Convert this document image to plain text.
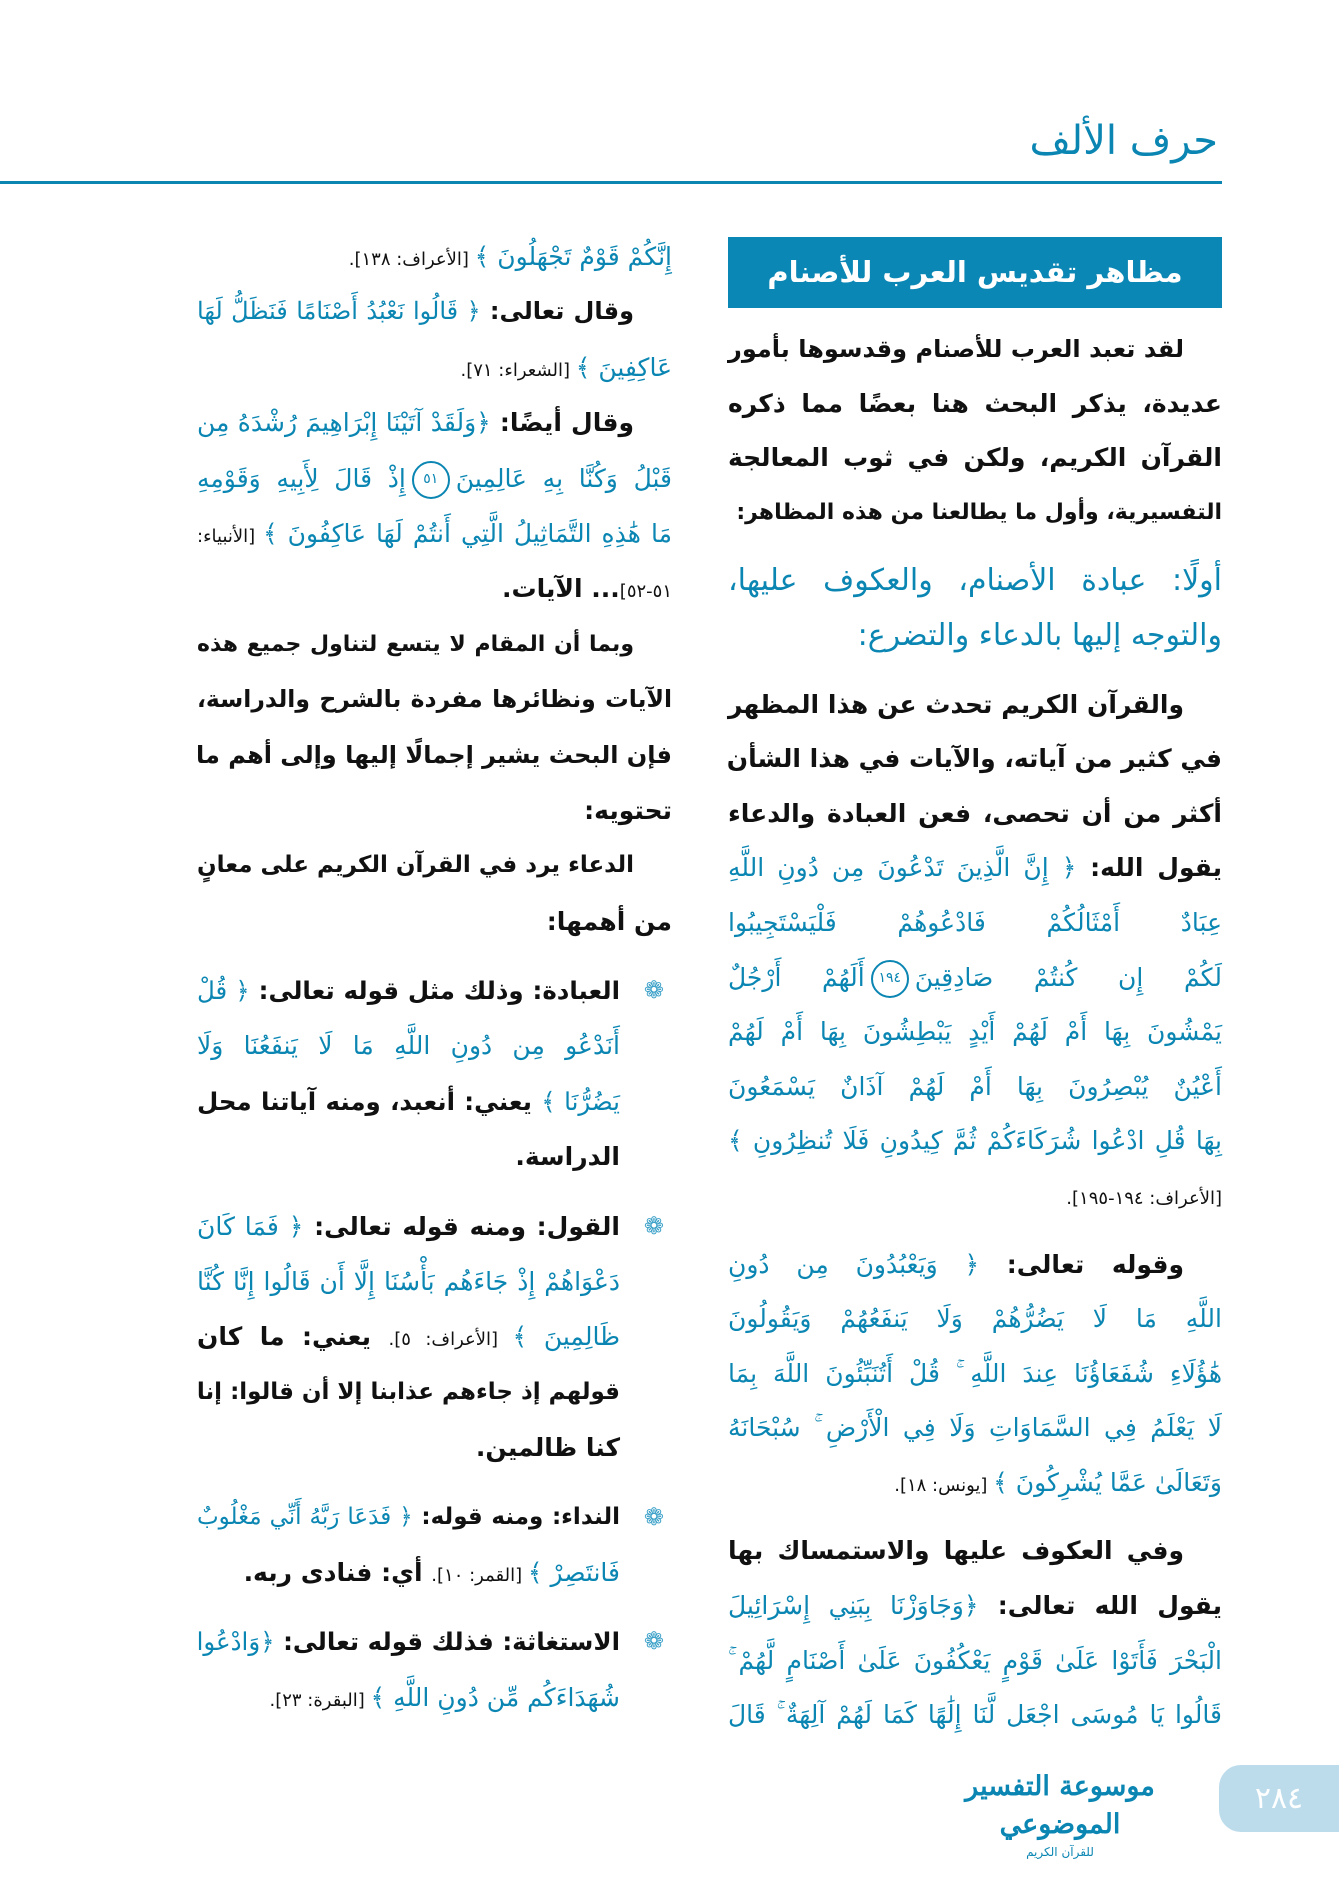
حرف الألف
مظاهر تقديس العرب للأصنام
لقد تعبد العرب للأصنام وقدسوها بأمور
عديدة، يذكر البحث هنا بعضًا مما ذكره
القرآن الكريم، ولكن في ثوب المعالجة
التفسيرية، وأول ما يطالعنا من هذه المظاهر:
أولًا: عبادة الأصنام، والعكوف عليها،
والتوجه إليها بالدعاء والتضرع:
والقرآن الكريم تحدث عن هذا المظهر
في كثير من آياته، والآيات في هذا الشأن
أكثر من أن تحصى، فعن العبادة والدعاء
يقول الله: ﴿ إِنَّ الَّذِينَ تَدْعُونَ مِن دُونِ اللَّهِ
عِبَادٌ أَمْثَالُكُمْ فَادْعُوهُمْ فَلْيَسْتَجِيبُوا
لَكُمْ إِن كُنتُمْ صَادِقِينَ١٩٤أَلَهُمْ أَرْجُلٌ
يَمْشُونَ بِهَا أَمْ لَهُمْ أَيْدٍ يَبْطِشُونَ بِهَا أَمْ لَهُمْ
أَعْيُنٌ يُبْصِرُونَ بِهَا أَمْ لَهُمْ آذَانٌ يَسْمَعُونَ
بِهَا قُلِ ادْعُوا شُرَكَاءَكُمْ ثُمَّ كِيدُونِ فَلَا تُنظِرُونِ ﴾
[الأعراف: ١٩٤-١٩٥].
وقوله تعالى: ﴿ وَيَعْبُدُونَ مِن دُونِ
اللَّهِ مَا لَا يَضُرُّهُمْ وَلَا يَنفَعُهُمْ وَيَقُولُونَ
هَٰؤُلَاءِ شُفَعَاؤُنَا عِندَ اللَّهِ ۚ قُلْ أَتُنَبِّئُونَ اللَّهَ بِمَا
لَا يَعْلَمُ فِي السَّمَاوَاتِ وَلَا فِي الْأَرْضِ ۚ سُبْحَانَهُ
وَتَعَالَىٰ عَمَّا يُشْرِكُونَ ﴾ [يونس: ١٨].
وفي العكوف عليها والاستمساك بها
يقول الله تعالى: ﴿وَجَاوَزْنَا بِبَنِي إِسْرَائِيلَ
الْبَحْرَ فَأَتَوْا عَلَىٰ قَوْمٍ يَعْكُفُونَ عَلَىٰ أَصْنَامٍ لَّهُمْ ۚ
قَالُوا يَا مُوسَى اجْعَل لَّنَا إِلَٰهًا كَمَا لَهُمْ آلِهَةٌ ۚ قَالَ
إِنَّكُمْ قَوْمٌ تَجْهَلُونَ ﴾ [الأعراف: ١٣٨].
وقال تعالى: ﴿ قَالُوا نَعْبُدُ أَصْنَامًا فَنَظَلُّ لَهَا
عَاكِفِينَ ﴾ [الشعراء: ٧١].
وقال أيضًا: ﴿وَلَقَدْ آتَيْنَا إِبْرَاهِيمَ رُشْدَهُ مِن
قَبْلُ وَكُنَّا بِهِ عَالِمِينَ٥١إِذْ قَالَ لِأَبِيهِ وَقَوْمِهِ
مَا هَٰذِهِ التَّمَاثِيلُ الَّتِي أَنتُمْ لَهَا عَاكِفُونَ ﴾ [الأنبياء:
٥١-٥٢]... الآيات.
وبما أن المقام لا يتسع لتناول جميع هذه
الآيات ونظائرها مفردة بالشرح والدراسة،
فإن البحث يشير إجمالًا إليها وإلى أهم ما
تحتويه:
الدعاء يرد في القرآن الكريم على معانٍ
من أهمها:
❁
العبادة: وذلك مثل قوله تعالى: ﴿ قُلْ
أَنَدْعُو مِن دُونِ اللَّهِ مَا لَا يَنفَعُنَا وَلَا
يَضُرُّنَا ﴾ يعني: أنعبد، ومنه آياتنا محل
الدراسة.
❁
القول: ومنه قوله تعالى: ﴿ فَمَا كَانَ
دَعْوَاهُمْ إِذْ جَاءَهُم بَأْسُنَا إِلَّا أَن قَالُوا إِنَّا كُنَّا
ظَالِمِينَ ﴾ [الأعراف: ٥]. يعني: ما كان
قولهم إذ جاءهم عذابنا إلا أن قالوا: إنا
كنا ظالمين.
❁
النداء: ومنه قوله: ﴿ فَدَعَا رَبَّهُ أَنِّي مَغْلُوبٌ
فَانتَصِرْ ﴾ [القمر: ١٠]. أي: فنادى ربه.
❁
الاستغاثة: فذلك قوله تعالى: ﴿وَادْعُوا
شُهَدَاءَكُم مِّن دُونِ اللَّهِ ﴾ [البقرة: ٢٣].
موسوعة التفسير الموضوعي
للقرآن الكريم
٢٨٤
